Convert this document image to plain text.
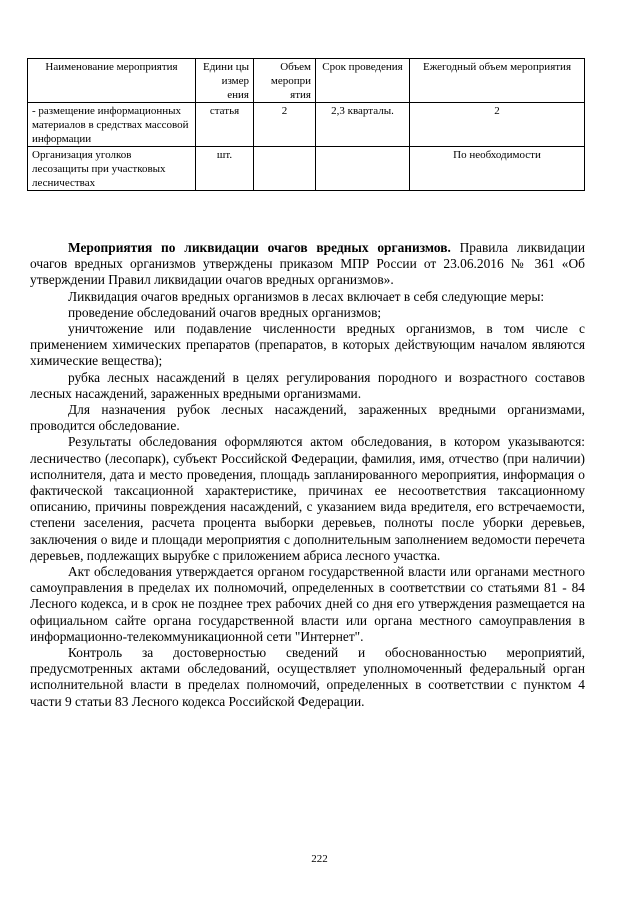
Наименование мероприятия	Едини цы измер ения	Объем меропри ятия	Срок проведения	Ежегодный объем мероприятия
- размещение информационных материалов в средствах массовой информации	статья	2	2,3 кварталы.	2
Организация уголков лесозащиты при участковых лесничествах	шт.			По необходимости

Мероприятия по ликвидации очагов вредных организмов. Правила ликвидации очагов вредных организмов утверждены приказом МПР России от 23.06.2016 № 361 «Об утверждении Правил ликвидации очагов вредных организмов».

Ликвидация очагов вредных организмов в лесах включает в себя следующие меры:

проведение обследований очагов вредных организмов;

уничтожение или подавление численности вредных организмов, в том числе с применением химических препаратов (препаратов, в которых действующим началом являются химические вещества);

рубка лесных насаждений в целях регулирования породного и возрастного составов лесных насаждений, зараженных вредными организмами.

Для назначения рубок лесных насаждений, зараженных вредными организмами, проводится обследование.

Результаты обследования оформляются актом обследования, в котором указываются: лесничество (лесопарк), субъект Российской Федерации, фамилия, имя, отчество (при наличии) исполнителя, дата и место проведения, площадь запланированного мероприятия, информация о фактической таксационной характеристике, причинах ее несоответствия таксационному описанию, причины повреждения насаждений, с указанием вида вредителя, его встречаемости, степени заселения, расчета процента выборки деревьев, полноты после уборки деревьев, заключения о виде и площади мероприятия с дополнительным заполнением ведомости перечета деревьев, подлежащих вырубке с приложением абриса лесного участка.

Акт обследования утверждается органом государственной власти или органами местного самоуправления в пределах их полномочий, определенных в соответствии со статьями 81 - 84 Лесного кодекса, и в срок не позднее трех рабочих дней со дня его утверждения размещается на официальном сайте органа государственной власти или органа местного самоуправления в информационно-телекоммуникационной сети "Интернет".

Контроль за достоверностью сведений и обоснованностью мероприятий, предусмотренных актами обследований, осуществляет уполномоченный федеральный орган исполнительной власти в пределах полномочий, определенных в соответствии с пунктом 4 части 9 статьи 83 Лесного кодекса Российской Федерации.

222
